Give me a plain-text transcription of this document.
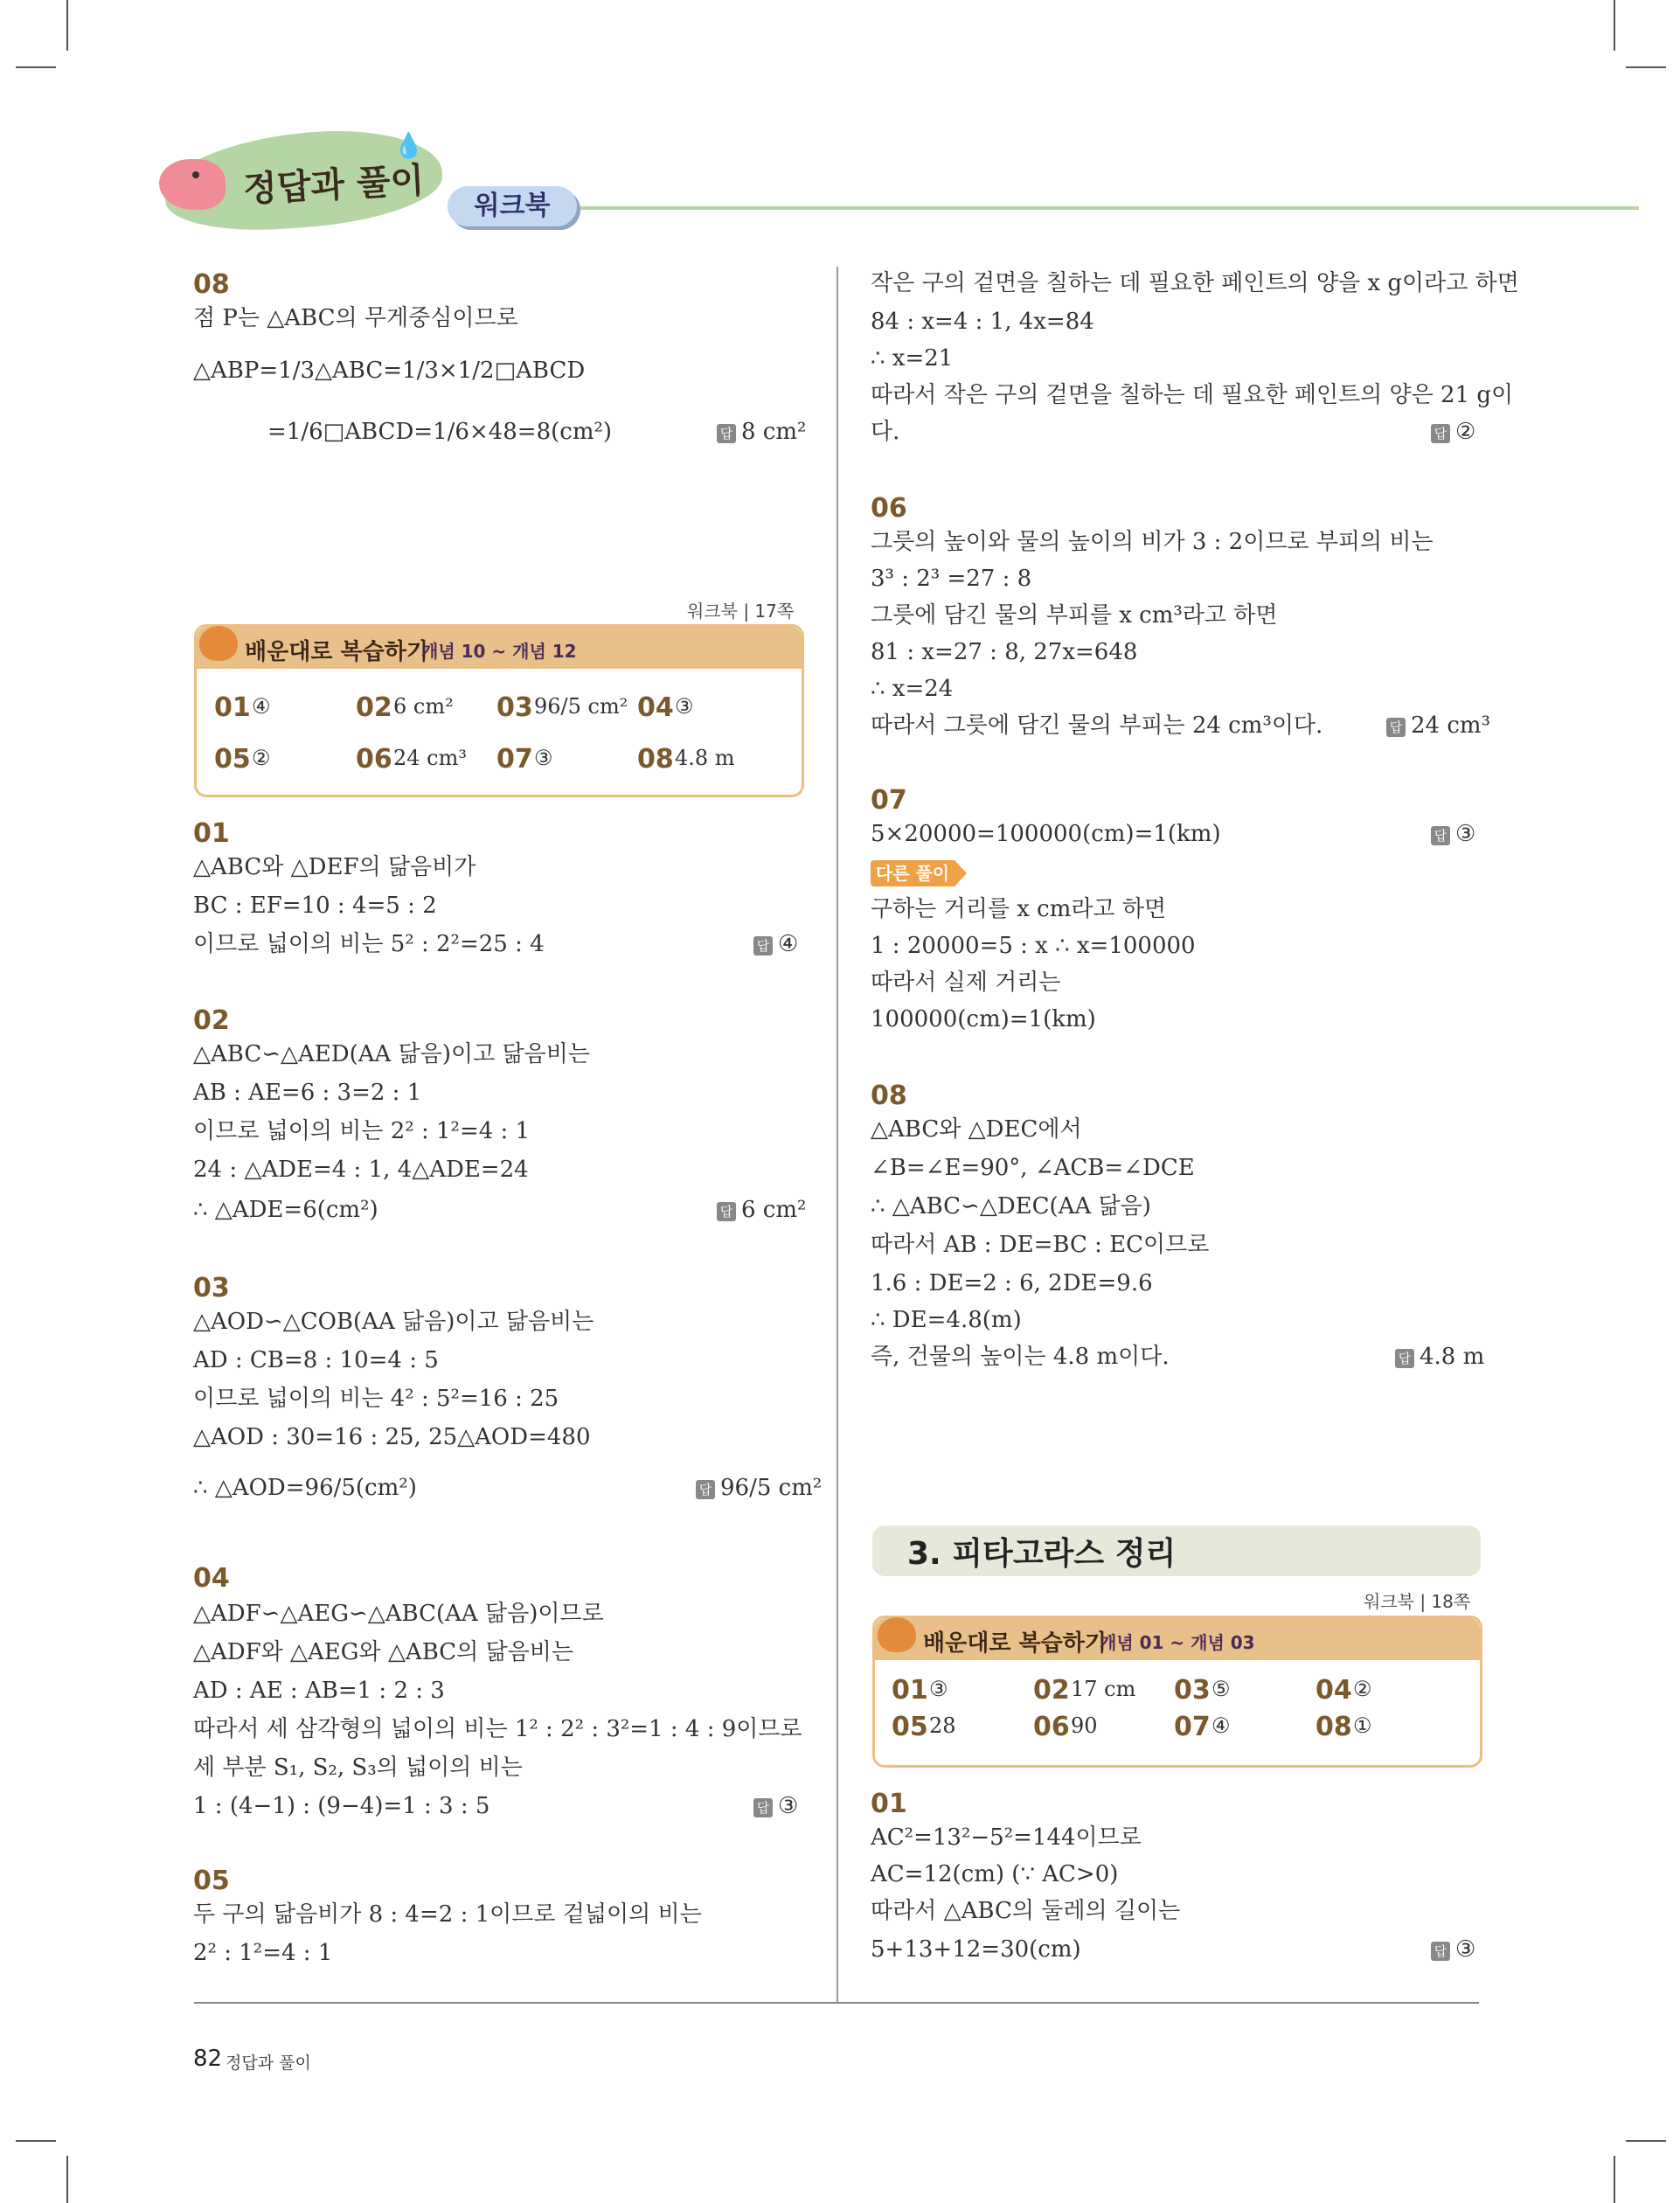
💧
정답과 풀이	워크북
08
점 P는 △ABC의 무게중심이므로
△ABP=1/3△ABC=1/3×1/2□ABCD
=1/6□ABCD=1/6×48=8(cm²)	답 8 cm²
워크북 | 17쪽
배운대로 복습하기
개념 10 ~ 개념 12
01 ④	02 6 cm² 03 96/5 cm² 04 ③
05 ②	06 24 cm³ 07 ③	08 4.8 m
01
△ABC와 △DEF의 닮음비가
BC : EF=10 : 4=5 : 2
이므로 넓이의 비는 5² : 2²=25 : 4	답 ④
02
△ABC∽△AED(AA 닮음)이고 닮음비는
AB : AE=6 : 3=2 : 1
이므로 넓이의 비는 2² : 1²=4 : 1
24 : △ADE=4 : 1, 4△ADE=24
∴ △ADE=6(cm²)	답 6 cm²
03
△AOD∽△COB(AA 닮음)이고 닮음비는
AD : CB=8 : 10=4 : 5
이므로 넓이의 비는 4² : 5²=16 : 25
△AOD : 30=16 : 25, 25△AOD=480
∴ △AOD=96/5(cm²)	답 96/5 cm²
04
△ADF∽△AEG∽△ABC(AA 닮음)이므로
△ADF와 △AEG와 △ABC의 닮음비는
AD : AE : AB=1 : 2 : 3
따라서 세 삼각형의 넓이의 비는 1² : 2² : 3²=1 : 4 : 9이므로
세 부분 S₁, S₂, S₃의 넓이의 비는
1 : (4−1) : (9−4)=1 : 3 : 5	답 ③
05
두 구의 닮음비가 8 : 4=2 : 1이므로 겉넓이의 비는
2² : 1²=4 : 1
작은 구의 겉면을 칠하는 데 필요한 페인트의 양을 x g이라고 하면
84 : x=4 : 1, 4x=84
∴ x=21
따라서 작은 구의 겉면을 칠하는 데 필요한 페인트의 양은 21 g이
다.	답 ②
06
그릇의 높이와 물의 높이의 비가 3 : 2이므로 부피의 비는
3³ : 2³ =27 : 8
그릇에 담긴 물의 부피를 x cm³라고 하면
81 : x=27 : 8, 27x=648
∴ x=24
따라서 그릇에 담긴 물의 부피는 24 cm³이다.	답 24 cm³
07
5×20000=100000(cm)=1(km)	답 ③
다른 풀이
구하는 거리를 x cm라고 하면
1 : 20000=5 : x ∴ x=100000
따라서 실제 거리는
100000(cm)=1(km)
08
△ABC와 △DEC에서
∠B=∠E=90°, ∠ACB=∠DCE
∴ △ABC∽△DEC(AA 닮음)
따라서 AB : DE=BC : EC이므로
1.6 : DE=2 : 6, 2DE=9.6
∴ DE=4.8(m)
즉, 건물의 높이는 4.8 m이다.	답 4.8 m
3. 피타고라스 정리
워크북 | 18쪽
배운대로 복습하기
개념 01 ~ 개념 03
01 ③	02 17 cm 03 ⑤	04 ②
05 28	06 90	07 ④	08 ①
01
AC²=13²−5²=144이므로
AC=12(cm) (∵ AC>0)
따라서 △ABC의 둘레의 길이는
5+13+12=30(cm)	답 ③
82 정답과 풀이
